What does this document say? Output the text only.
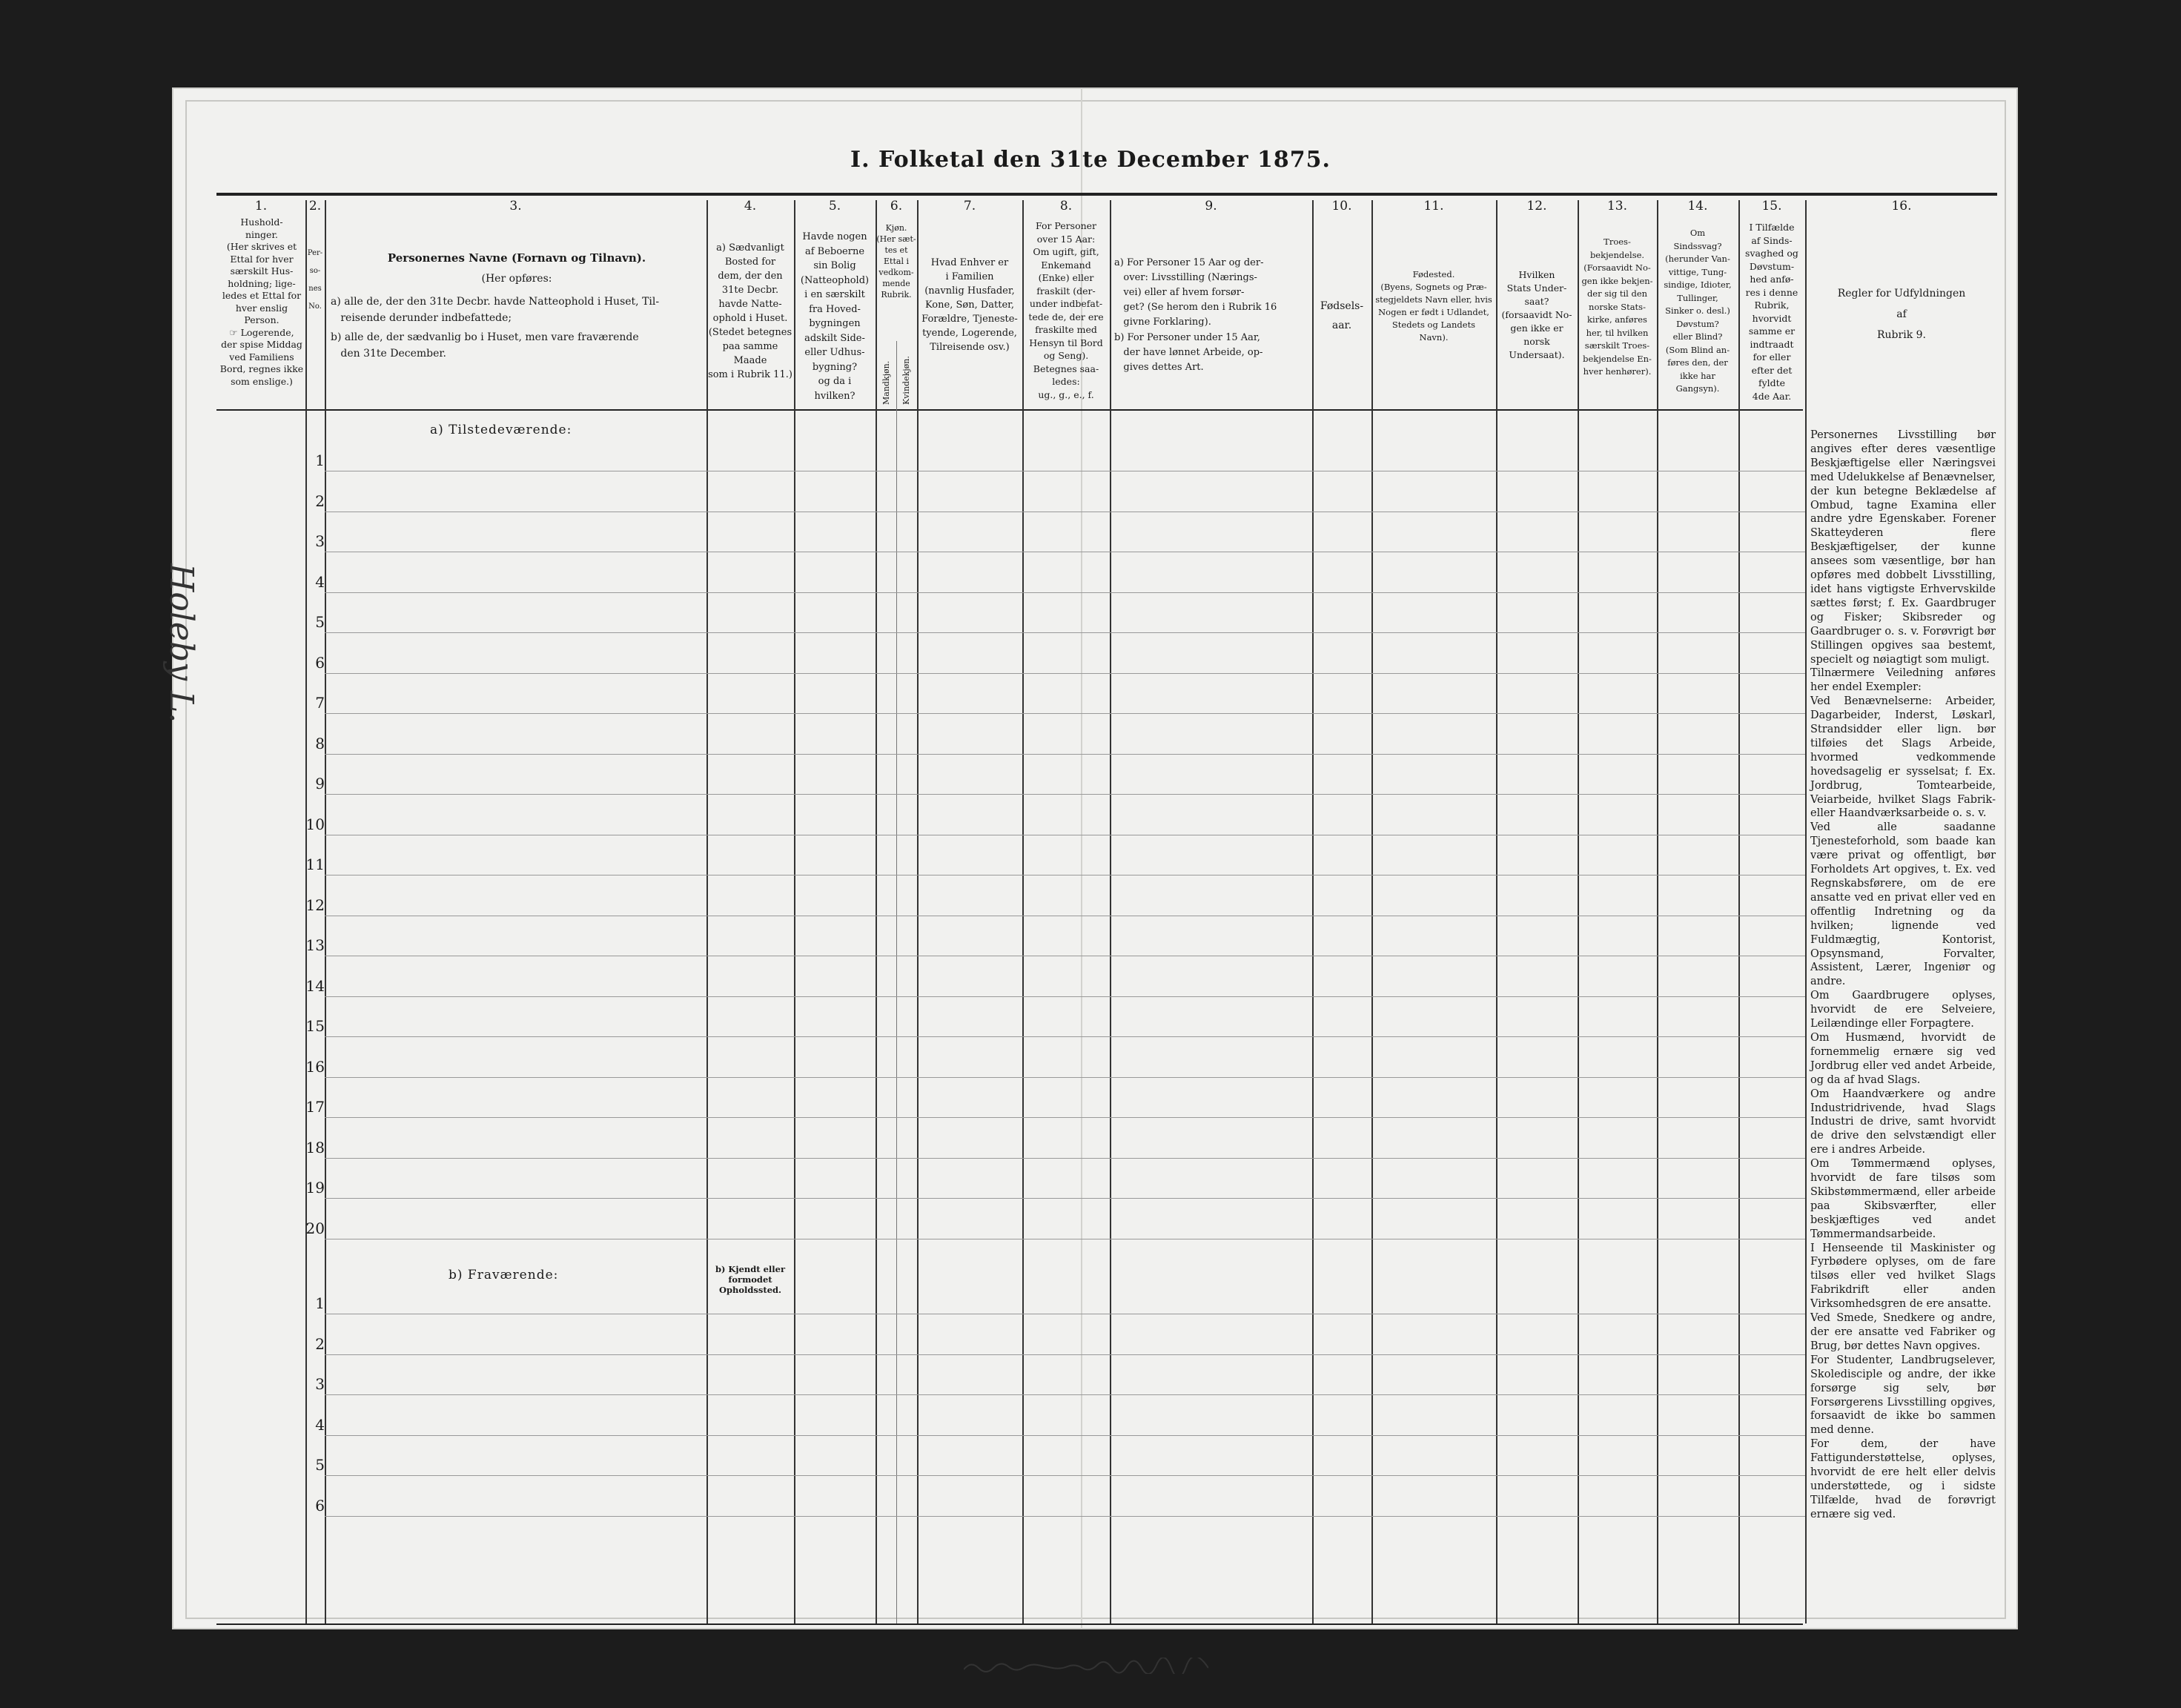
I. Folketal den 31te December 1875.
1.	2.	3.	4.	5.	6.	7.	8.	9.	10.	11.	12.	13.	14.	15.	16.
Hushold-
ninger.
(Her skrives et
Ettal for hver
særskilt Hus-
holdning; lige-
ledes et Ettal for
hver enslig
Person.
☞ Logerende,
der spise Middag
ved Familiens
Bord, regnes ikke
som enslige.)
Per-
so-
nes
No.
Personernes Navne (Fornavn og Tilnavn).
(Her opføres:
a) alle de, der den 31te Decbr. havde Natteophold i Huset, Til-
reisende derunder indbefattede;
b) alle de, der sædvanlig bo i Huset, men vare fraværende
den 31te December.
a) Sædvanligt
Bosted for
dem, der den
31te Decbr.
havde Natte-
ophold i Huset.
(Stedet betegnes
paa samme Maade
som i Rubrik 11.)
Havde nogen
af Beboerne
sin Bolig
(Natteophold)
i en særskilt
fra Hoved-
bygningen
adskilt Side-
eller Udhus-
bygning?
og da i
hvilken?
Kjøn.
(Her sæt-
tes et
Ettal i
vedkom-
mende
Rubrik.
Mandkjøn. Kvindekjøn.
Hvad Enhver er
i Familien
(navnlig Husfader,
Kone, Søn, Datter,
Forældre, Tjeneste-
tyende, Logerende,
Tilreisende osv.)
For Personer
over 15 Aar:
Om ugift, gift,
Enkemand
(Enke) eller
fraskilt (der-
under indbefat-
tede de, der ere
fraskilte med
Hensyn til Bord
og Seng).
Betegnes saa-
ledes:
ug., g., e., f.
a) For Personer 15 Aar og der-
over: Livsstilling (Nærings-
vei) eller af hvem forsør-
get? (Se herom den i Rubrik 16
givne Forklaring).
b) For Personer under 15 Aar,
der have lønnet Arbeide, op-
gives dettes Art.
Fødsels-
aar.
Fødested.
(Byens, Sognets og Præ-
stegjeldets Navn eller, hvis
Nogen er født i Udlandet,
Stedets og Landets
Navn).
Hvilken
Stats Under-
saat?
(forsaavidt No-
gen ikke er
norsk
Undersaat).
Troes-
bekjendelse.
(Forsaavidt No-
gen ikke bekjen-
der sig til den
norske Stats-
kirke, anføres
her, til hvilken
særskilt Troes-
bekjendelse En-
hver henhører).
Om
Sindssvag?
(herunder Van-
vittige, Tung-
sindige, Idioter,
Tullinger,
Sinker o. desl.)
Døvstum?
eller Blind?
(Som Blind an-
føres den, der
ikke har
Gangsyn).
I Tilfælde
af Sinds-
svaghed og
Døvstum-
hed anfø-
res i denne
Rubrik,
hvorvidt
samme er
indtraadt
for eller
efter det
fyldte
4de Aar.
Regler for Udfyldningen
af
Rubrik 9.
a) Tilstedeværende:
b) Fraværende:	b) Kjendt eller
formodet
Opholdssted.
1
2
3
4
5
6
7
8
9
10
11
12
13
14
15
16
17
18
19
20
1
2
3
4
5
6
Personernes Livsstilling bør angives efter deres væsentlige Beskjæftigelse eller Næringsvei med Udelukkelse af Benævnelser, der kun betegne Beklædelse af Ombud, tagne Examina eller andre ydre Egenskaber. Forener Skatteyderen flere Beskjæftigelser, der kunne ansees som væsentlige, bør han opføres med dobbelt Livsstilling, idet hans vigtigste Erhvervskilde sættes først; f. Ex. Gaardbruger og Fisker; Skibsreder og Gaardbruger o. s. v. Forøvrigt bør Stillingen opgives saa bestemt, specielt og nøiagtigt som muligt.
Tilnærmere Veiledning anføres her endel Exempler:
Ved Benævnelserne: Arbeider, Dagarbeider, Inderst, Løskarl, Strandsidder eller lign. bør tilføies det Slags Arbeide, hvormed vedkommende hovedsagelig er sysselsat; f. Ex. Jordbrug, Tomtearbeide, Veiarbeide, hvilket Slags Fabrik- eller Haandværksarbeide o. s. v.
Ved alle saadanne Tjenesteforhold, som baade kan være privat og offentligt, bør Forholdets Art opgives, t. Ex. ved Regnskabsførere, om de ere ansatte ved en privat eller ved en offentlig Indretning og da hvilken; lignende ved Fuldmægtig, Kontorist, Opsynsmand, Forvalter, Assistent, Lærer, Ingeniør og andre.
Om Gaardbrugere oplyses, hvorvidt de ere Selveiere, Leilændinge eller Forpagtere.
Om Husmænd, hvorvidt de fornemmelig ernære sig ved Jordbrug eller ved andet Arbeide, og da af hvad Slags.
Om Haandværkere og andre Industridrivende, hvad Slags Industri de drive, samt hvorvidt de drive den selvstændigt eller ere i andres Arbeide.
Om Tømmermænd oplyses, hvorvidt de fare tilsøs som Skibstømmermænd, eller arbeide paa Skibsværfter, eller beskjæftiges ved andet Tømmermandsarbeide.
I Henseende til Maskinister og Fyrbødere oplyses, om de fare tilsøs eller ved hvilket Slags Fabrikdrift eller anden Virksomhedsgren de ere ansatte.
Ved Smede, Snedkere og andre, der ere ansatte ved Fabriker og Brug, bør dettes Navn opgives.
For Studenter, Landbrugselever, Skoledisciple og andre, der ikke forsørge sig selv, bør Forsørgerens Livsstilling opgives, forsaavidt de ikke bo sammen med denne.
For dem, der have Fattigunderstøttelse, oplyses, hvorvidt de ere helt eller delvis understøttede, og i sidste Tilfælde, hvad de forøvrigt ernære sig ved.
Holeby L.
